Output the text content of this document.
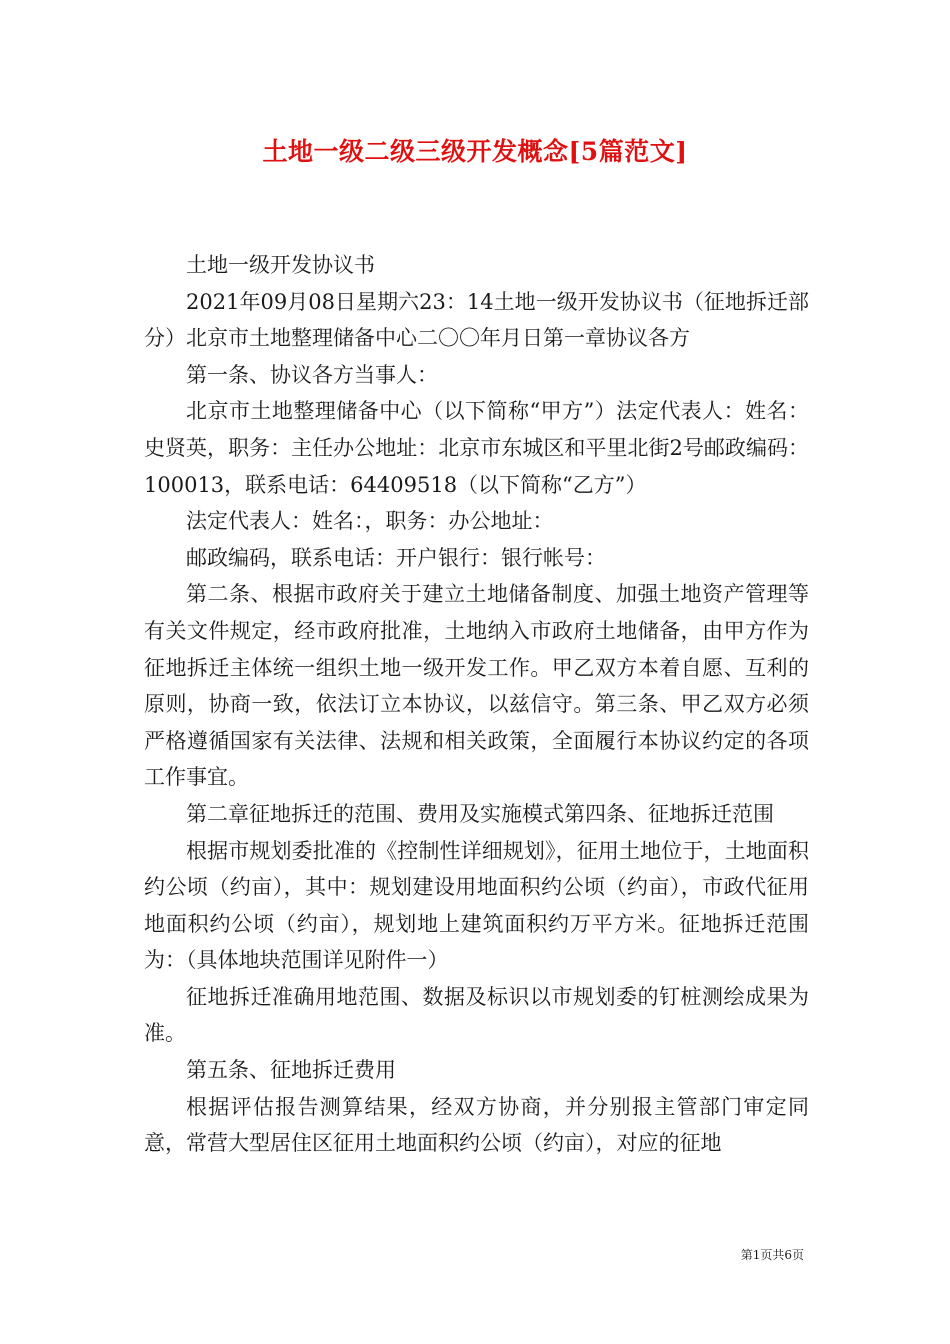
土地一级二级三级开发概念[5篇范文]

土地一级开发协议书

2021年09月08日星期六23：14土地一级开发协议书（征地拆迁部分）北京市土地整理储备中心二〇〇年月日第一章协议各方

第一条、协议各方当事人：

北京市土地整理储备中心（以下简称“甲方”）法定代表人：姓名：史贤英，职务：主任办公地址：北京市东城区和平里北街2号邮政编码：100013，联系电话：64409518（以下简称“乙方”）

法定代表人：姓名：，职务：办公地址：

邮政编码，联系电话：开户银行：银行帐号：

第二条、根据市政府关于建立土地储备制度、加强土地资产管理等有关文件规定，经市政府批准，土地纳入市政府土地储备，由甲方作为征地拆迁主体统一组织土地一级开发工作。甲乙双方本着自愿、互利的原则，协商一致，依法订立本协议，以兹信守。第三条、甲乙双方必须严格遵循国家有关法律、法规和相关政策，全面履行本协议约定的各项工作事宜。

第二章征地拆迁的范围、费用及实施模式第四条、征地拆迁范围

根据市规划委批准的《控制性详细规划》，征用土地位于，土地面积约公顷（约亩），其中：规划建设用地面积约公顷（约亩），市政代征用地面积约公顷（约亩），规划地上建筑面积约万平方米。征地拆迁范围为：（具体地块范围详见附件一）

征地拆迁准确用地范围、数据及标识以市规划委的钉桩测绘成果为准。

第五条、征地拆迁费用

根据评估报告测算结果，经双方协商，并分别报主管部门审定同意，常营大型居住区征用土地面积约公顷（约亩），对应的征地

第1页共6页
